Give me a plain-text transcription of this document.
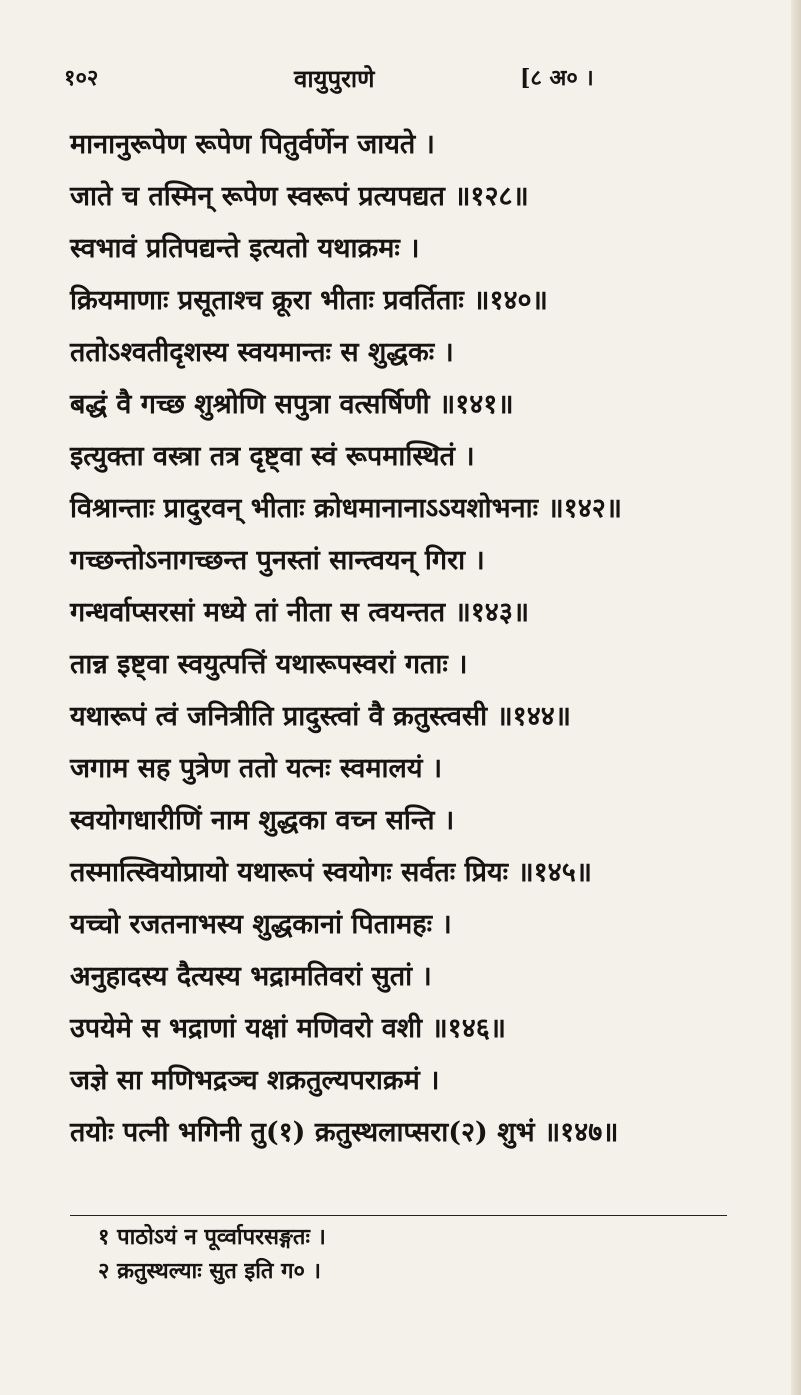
१०२	वायुपुराणे	[८ अ० ।
मानानुरूपेण रूपेण पितुर्वर्णेन जायते ।
जाते च तस्मिन् रूपेण स्वरूपं प्रत्यपद्यत ॥१२८॥
स्वभावं प्रतिपद्यन्ते इत्यतो यथाक्रमः ।
क्रियमाणाः प्रसूताश्च क्रूरा भीताः प्रवर्तिताः ॥१४०॥
ततोऽश्वतीदृशस्य स्वयमान्तः स शुद्धकः ।
बद्धं वै गच्छ शुश्रोणि सपुत्रा वत्सर्षिणी ॥१४१॥
इत्युक्ता वस्त्रा तत्र दृष्ट्वा स्वं रूपमास्थितं ।
विश्रान्ताः प्रादुरवन् भीताः क्रोधमानानाऽऽयशोभनाः ॥१४२॥
गच्छन्तोऽनागच्छन्त पुनस्तां सान्त्वयन् गिरा ।
गन्धर्वाप्सरसां मध्ये तां नीता स त्वयन्तत ॥१४३॥
तान्न इष्ट्वा स्वयुत्पत्तिं यथारूपस्वरां गताः ।
यथारूपं त्वं जनित्रीति प्रादुस्त्वां वै क्रतुस्त्वसी ॥१४४॥
जगाम सह पुत्रेण ततो यत्नः स्वमालयं ।
स्वयोगधारीणिं नाम शुद्धका वच्न सन्ति ।
तस्मात्स्वियोप्रायो यथारूपं स्वयोगः सर्वतः प्रियः ॥१४५॥
यच्चो रजतनाभस्य शुद्धकानां पितामहः ।
अनुहादस्य दैत्यस्य भद्रामतिवरां सुतां ।
उपयेमे स भद्राणां यक्षां मणिवरो वशी ॥१४६॥
जज्ञे सा मणिभद्रञ्च शक्रतुल्यपराक्रमं ।
तयोः पत्नी भगिनी तु(१) क्रतुस्थलाप्सरा(२) शुभं ॥१४७॥
१ पाठोऽयं न पूर्व्वापरसङ्गतः ।
२ क्रतुस्थल्याः सुत इति ग० ।
